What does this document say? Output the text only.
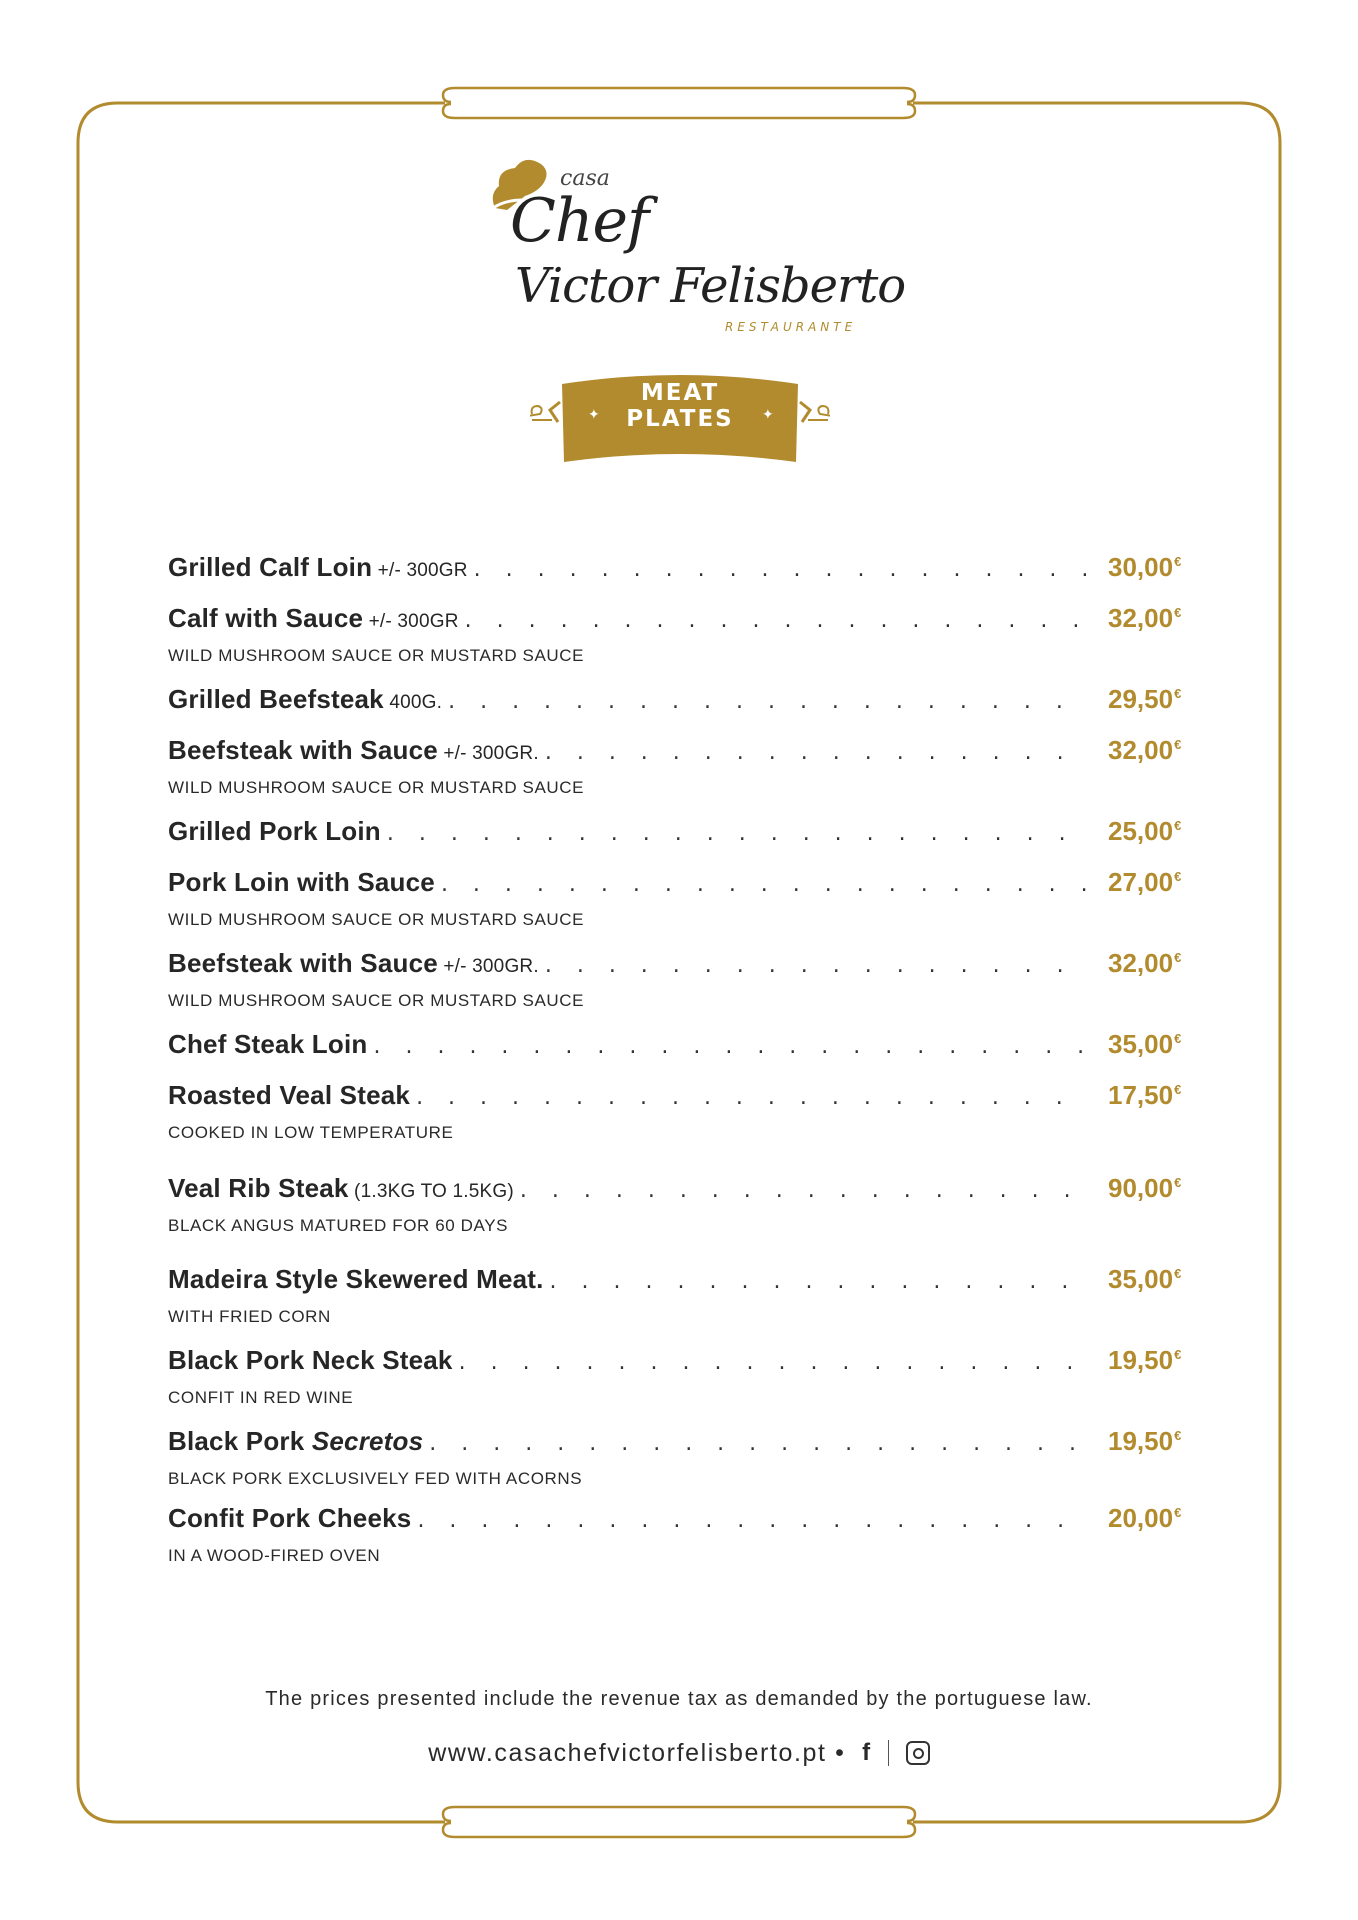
casa
Chef
Victor Felisberto
RESTAURANTE
✦	✦
MEAT
PLATES
Grilled Calf Loin +/- 300GR . . .	30,00€
Calf with Sauce +/- 300GR . . .	32,00€
WILD MUSHROOM SAUCE OR MUSTARD SAUCE
Grilled Beefsteak 400G. . . .	29,50€
Beefsteak with Sauce +/- 300GR. . . .	32,00€
WILD MUSHROOM SAUCE OR MUSTARD SAUCE
Grilled Pork Loin . . .	25,00€
Pork Loin with Sauce . . .	27,00€
WILD MUSHROOM SAUCE OR MUSTARD SAUCE
Beefsteak with Sauce +/- 300GR. . . .	32,00€
WILD MUSHROOM SAUCE OR MUSTARD SAUCE
Chef Steak Loin . . .	35,00€
Roasted Veal Steak . . .	17,50€
COOKED IN LOW TEMPERATURE
Veal Rib Steak (1.3KG TO 1.5KG) . . .	90,00€
BLACK ANGUS MATURED FOR 60 DAYS
Madeira Style Skewered Meat. . . .	35,00€
WITH FRIED CORN
Black Pork Neck Steak . . .	19,50€
CONFIT IN RED WINE
Black Pork Secretos . . .	19,50€
BLACK PORK EXCLUSIVELY FED WITH ACORNS
Confit Pork Cheeks . . .	20,00€
IN A WOOD-FIRED OVEN
The prices presented include the revenue tax as demanded by the portuguese law.
www.casachefvictorfelisberto.pt • f
